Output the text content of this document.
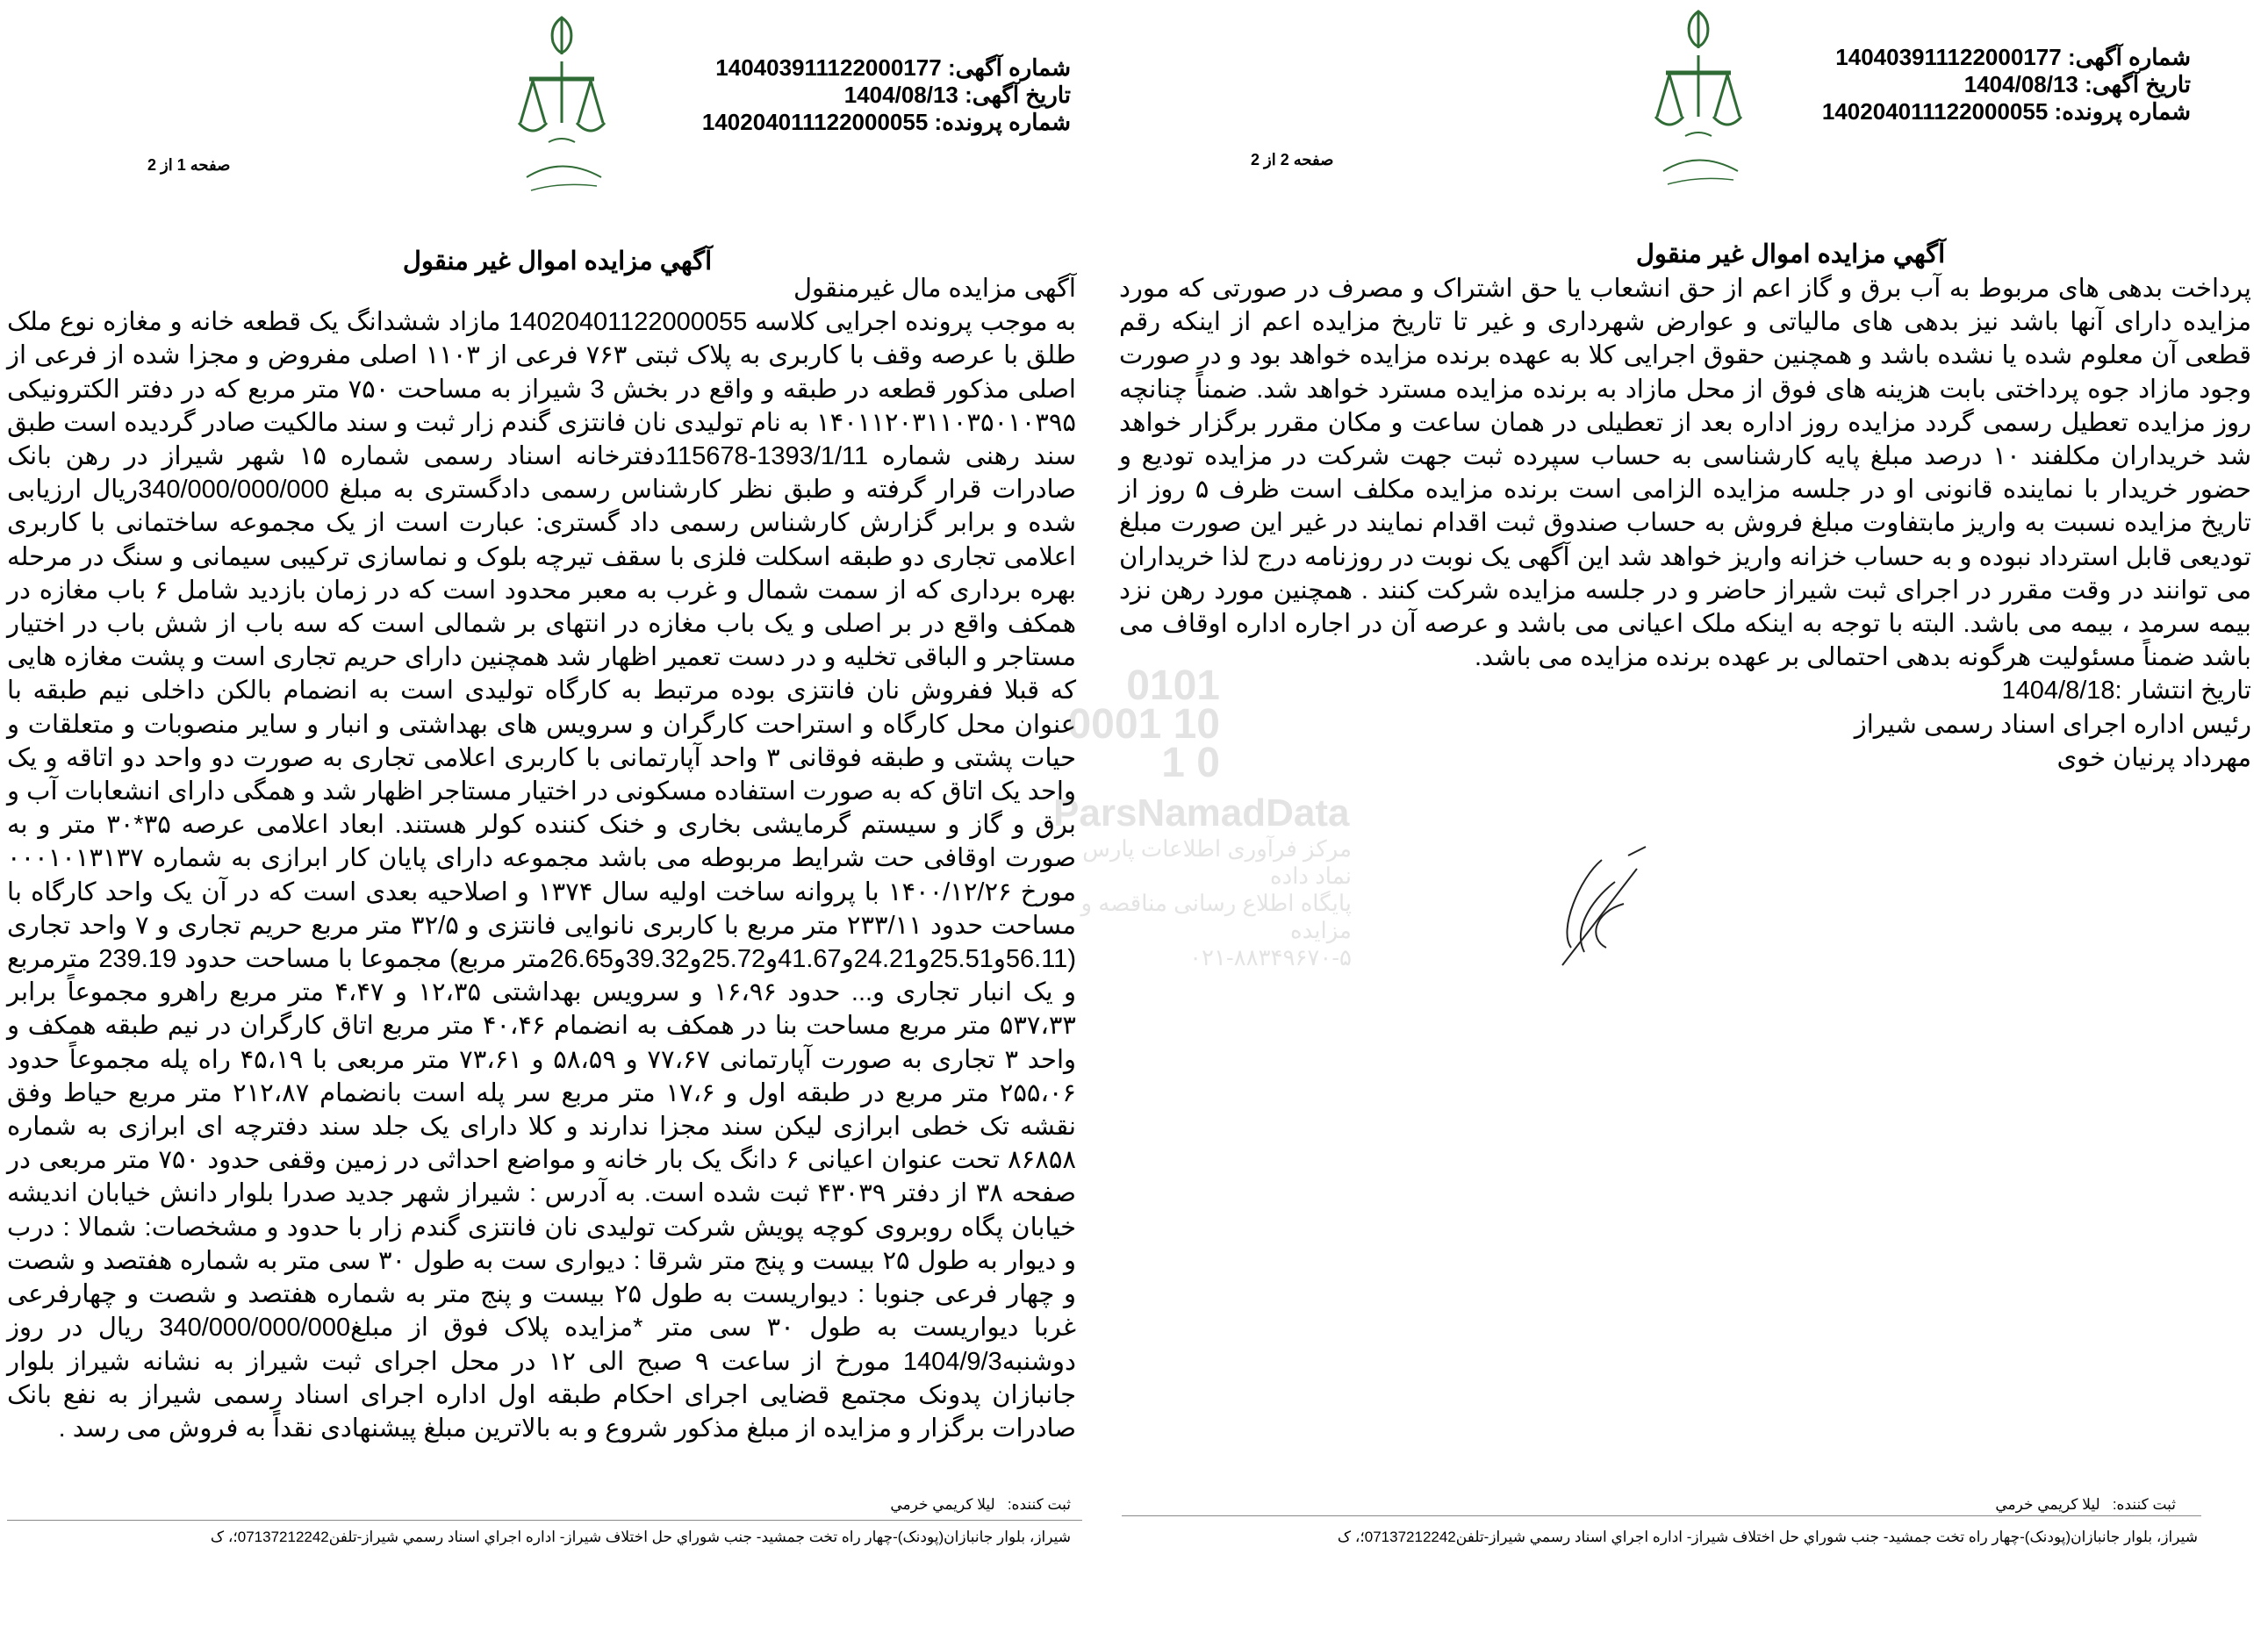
شماره آگهی: 140403911122000177
تاریخ آگهی: 1404/08/13
شماره پرونده: 140204011122000055
صفحه 1 از 2
آگهي مزايده اموال غير منقول
آگهی مزایده مال غیرمنقول
به موجب پرونده اجرایی کلاسه 14020401122000055 مازاد ششدانگ یک قطعه خانه و مغازه نوع ملک طلق با عرصه وقف با کاربری به پلاک ثبتی ۷۶۳ فرعی از ۱۱۰۳ اصلی مفروض و مجزا شده از فرعی از اصلی مذکور قطعه در طبقه و واقع در بخش 3 شیراز به مساحت ۷۵۰ متر مربع که در دفتر الکترونیکی ۱۴۰۱۱۲۰۳۱۱۰۳۵۰۱۰۳۹۵ به نام تولیدی نان فانتزی گندم زار ثبت و سند مالکیت صادر گردیده است طبق سند رهنی شماره 1393/1/11-115678دفترخانه اسناد رسمی شماره ۱۵ شهر شیراز در رهن بانک صادرات قرار گرفته و طبق نظر کارشناس رسمی دادگستری به مبلغ 340/000/000/000ریال ارزیابی شده و برابر گزارش کارشناس رسمی داد گستری: عبارت است از یک مجموعه ساختمانی با کاربری اعلامی تجاری دو طبقه اسکلت فلزی با سقف تیرچه بلوک و نماسازی ترکیبی سیمانی و سنگ در مرحله بهره برداری که از سمت شمال و غرب به معبر محدود است که در زمان بازدید شامل ۶ باب مغازه در همکف واقع در بر اصلی و یک باب مغازه در انتهای بر شمالی است که سه باب از شش باب در اختیار مستاجر و الباقی تخلیه و در دست تعمیر اظهار شد همچنین دارای حریم تجاری است و پشت مغازه هایی که قبلا ففروش نان فانتزی بوده مرتبط به کارگاه تولیدی است به انضمام بالکن داخلی نیم طبقه با عنوان محل کارگاه و استراحت کارگران و سرویس های بهداشتی و انبار و سایر منصوبات و متعلقات و حیات پشتی و طبقه فوقانی ۳ واحد آپارتمانی با کاربری اعلامی تجاری به صورت دو واحد دو اتاقه و یک واحد یک اتاق که به صورت استفاده مسکونی در اختیار مستاجر اظهار شد و همگی دارای انشعابات آب و برق و گاز و سیستم گرمایشی بخاری و خنک کننده کولر هستند. ابعاد اعلامی عرصه ۳۵*۳۰ متر و به صورت اوقافی حت شرایط مربوطه می باشد مجموعه دارای پایان کار ابرازی به شماره ۰۰۰۱۰۱۳۱۳۷ مورخ ۱۴۰۰/۱۲/۲۶ با پروانه ساخت اولیه سال ۱۳۷۴ و اصلاحیه بعدی است که در آن یک واحد کارگاه با مساحت حدود ۲۳۳/۱۱ متر مربع با کاربری نانوایی فانتزی و ۳۲/۵ متر مربع حریم تجاری و ۷ واحد تجاری (56.11و25.51و24.21و41.67و25.72و39.32و26.65متر مربع) مجموعا با مساحت حدود 239.19 مترمربع و یک انبار تجاری و... حدود ۱۶،۹۶ و سرویس بهداشتی ۱۲،۳۵ و ۴،۴۷ متر مربع راهرو مجموعاً برابر ۵۳۷،۳۳ متر مربع مساحت بنا در همکف به انضمام ۴۰،۴۶ متر مربع اتاق کارگران در نیم طبقه همکف و واحد ۳ تجاری به صورت آپارتمانی ۷۷،۶۷ و ۵۸،۵۹ و ۷۳،۶۱ متر مربعی با ۴۵،۱۹ راه پله مجموعاً حدود ۲۵۵،۰۶ متر مربع در طبقه اول و ۱۷،۶ متر مربع سر پله است بانضمام ۲۱۲،۸۷ متر مربع حیاط وفق نقشه تک خطی ابرازی لیکن سند مجزا ندارند و کلا دارای یک جلد سند دفترچه ای ابرازی به شماره ۸۶۸۵۸ تحت عنوان اعیانی ۶ دانگ یک بار خانه و مواضع احداثی در زمین وقفی حدود ۷۵۰ متر مربعی در صفحه ۳۸ از دفتر ۴۳۰۳۹ ثبت شده است. به آدرس : شیراز شهر جدید صدرا بلوار دانش خیابان اندیشه خیابان پگاه روبروی کوچه پویش شرکت تولیدی نان فانتزی گندم زار با حدود و مشخصات: شمالا : درب و دیوار به طول ۲۵ بیست و پنج متر شرقا : دیواری ست به طول ۳۰ سی متر به شماره هفتصد و شصت و چهار فرعی جنوبا : دیواریست به طول ۲۵ بیست و پنج متر به شماره هفتصد و شصت و چهارفرعی غربا دیواریست به طول ۳۰ سی متر *مزایده پلاک فوق از مبلغ340/000/000/000 ریال در روز دوشنبه1404/9/3 مورخ از ساعت ۹ صبح الی ۱۲ در محل اجرای ثبت شیراز به نشانه شیراز بلوار جانبازان پدونک مجتمع قضایی اجرای احکام طبقه اول اداره اجرای اسناد رسمی شیراز به نفع بانک صادرات برگزار و مزایده از مبلغ مذکور شروع و به بالاترین مبلغ پیشنهادی نقداً به فروش می رسد .
ثبت کننده:   لیلا کریمي خرمي
شیراز، بلوار جانبازان(پودنک)-چهار راه تخت جمشید- جنب شوراي حل اختلاف شيراز- اداره اجراي اسناد رسمي شيراز-تلفن07137212242؛، ک
شماره آگهی: 140403911122000177
تاریخ آگهی: 1404/08/13
شماره پرونده: 140204011122000055
صفحه 2 از 2
آگهي مزايده اموال غير منقول
پرداخت بدهی های مربوط به آب برق و گاز اعم از حق انشعاب یا حق اشتراک و مصرف در صورتی که مورد مزایده دارای آنها باشد نیز بدهی های مالیاتی و عوارض شهرداری و غیر تا تاریخ مزایده اعم از اینکه رقم قطعی آن معلوم شده یا نشده باشد و همچنین حقوق اجرایی کلا به عهده برنده مزایده خواهد بود و در صورت وجود مازاد جوه پرداختی بابت هزینه های فوق از محل مازاد به برنده مزایده مسترد خواهد شد. ضمناً چنانچه روز مزایده تعطیل رسمی گردد مزایده روز اداره بعد از تعطیلی در همان ساعت و مکان مقرر برگزار خواهد شد خریداران مکلفند ۱۰ درصد مبلغ پایه کارشناسی به حساب سپرده ثبت جهت شرکت در مزایده توديع و حضور خریدار با نماینده قانونی او در جلسه مزایده الزامی است برنده مزایده مکلف است ظرف ۵ روز از تاریخ مزایده نسبت به واریز مابتفاوت مبلغ فروش به حساب صندوق ثبت اقدام نمایند در غیر این صورت مبلغ تودیعی قابل استرداد نبوده و به حساب خزانه واریز خواهد شد این آگهی یک نوبت در روزنامه درج لذا خریداران می توانند در وقت مقرر در اجرای ثبت شیراز حاضر و در جلسه مزایده شرکت کنند . همچنین مورد رهن نزد بیمه سرمد ، بیمه می باشد. البته با توجه به اینکه ملک اعیانی می باشد و عرصه آن در اجاره اداره اوقاف می باشد ضمناً مسئولیت هرگونه بدهی احتمالی بر عهده برنده مزایده می باشد.
تاریخ انتشار :1404/8/18
رئیس اداره اجرای اسناد رسمی شیراز
مهرداد پرنیان خوی
ثبت کننده:   لیلا کریمي خرمي
شیراز، بلوار جانبازان(پودنک)-چهار راه تخت جمشید- جنب شوراي حل اختلاف شيراز- اداره اجراي اسناد رسمي شيراز-تلفن07137212242؛، ک
0101 0001 10 1 0
ParsNamadData
مرکز فرآوری اطلاعات پارس نماد داده
پایگاه اطلاع رسانی مناقصه و مزایده
۰۲۱-۸۸۳۴۹۶۷۰-۵
